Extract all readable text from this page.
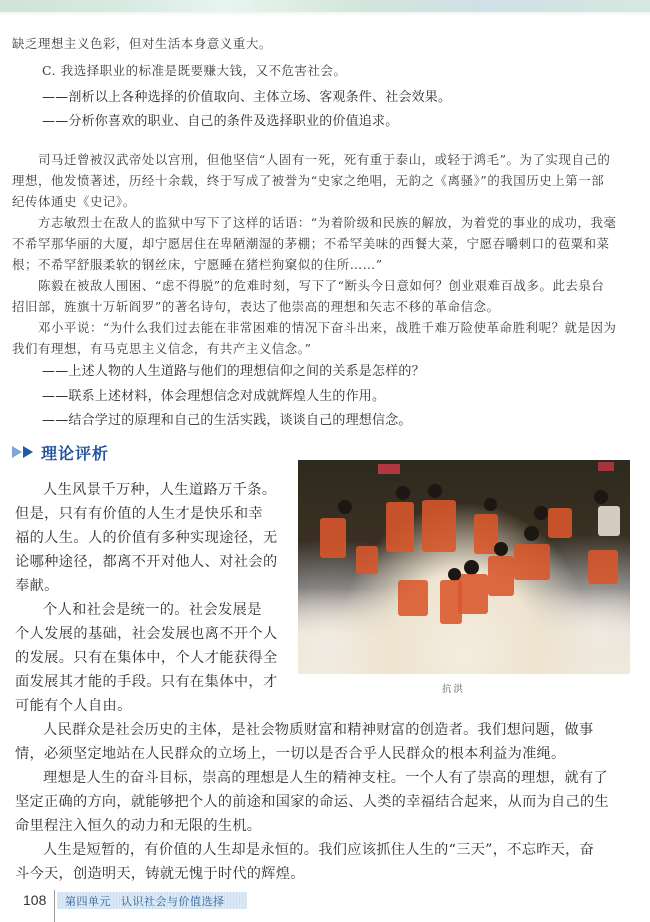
缺乏理想主义色彩，但对生活本身意义重大。
C. 我选择职业的标准是既要赚大钱，又不危害社会。
——剖析以上各种选择的价值取向、主体立场、客观条件、社会效果。
——分析你喜欢的职业、自己的条件及选择职业的价值追求。
司马迁曾被汉武帝处以宫刑，但他坚信“人固有一死，死有重于泰山，或轻于鸿毛”。为了实现自己的
理想，他发愤著述，历经十余载，终于写成了被誉为“史家之绝唱，无韵之《离骚》”的我国历史上第一部
纪传体通史《史记》。
方志敏烈士在敌人的监狱中写下了这样的话语：“为着阶级和民族的解放，为着党的事业的成功，我毫
不希罕那华丽的大厦，却宁愿居住在卑陋潮湿的茅棚；不希罕美味的西餐大菜，宁愿吞嚼刺口的苞粟和菜
根；不希罕舒服柔软的钢丝床，宁愿睡在猪栏狗窠似的住所……”
陈毅在被敌人围困、“虑不得脱”的危难时刻，写下了“断头今日意如何？创业艰难百战多。此去泉台
招旧部，旌旗十万斩阎罗”的著名诗句，表达了他崇高的理想和矢志不移的革命信念。
邓小平说：“为什么我们过去能在非常困难的情况下奋斗出来，战胜千难万险使革命胜利呢？就是因为
我们有理想，有马克思主义信念，有共产主义信念。”
——上述人物的人生道路与他们的理想信仰之间的关系是怎样的？
——联系上述材料，体会理想信念对成就辉煌人生的作用。
——结合学过的原理和自己的生活实践，谈谈自己的理想信念。
理论评析
人生风景千万种，人生道路万千条。
但是，只有有价值的人生才是快乐和幸
福的人生。人的价值有多种实现途径，无
论哪种途径，都离不开对他人、对社会的
奉献。
个人和社会是统一的。社会发展是
个人发展的基础，社会发展也离不开个人
的发展。只有在集体中，个人才能获得全
面发展其才能的手段。只有在集体中，才
可能有个人自由。
抗洪
人民群众是社会历史的主体，是社会物质财富和精神财富的创造者。我们想问题，做事
情，必须坚定地站在人民群众的立场上，一切以是否合乎人民群众的根本利益为准绳。
理想是人生的奋斗目标，崇高的理想是人生的精神支柱。一个人有了崇高的理想，就有了
坚定正确的方向，就能够把个人的前途和国家的命运、人类的幸福结合起来，从而为自己的生
命里程注入恒久的动力和无限的生机。
人生是短暂的，有价值的人生却是永恒的。我们应该抓住人生的“三天”，不忘昨天，奋
斗今天，创造明天，铸就无愧于时代的辉煌。
108 第四单元 认识社会与价值选择
